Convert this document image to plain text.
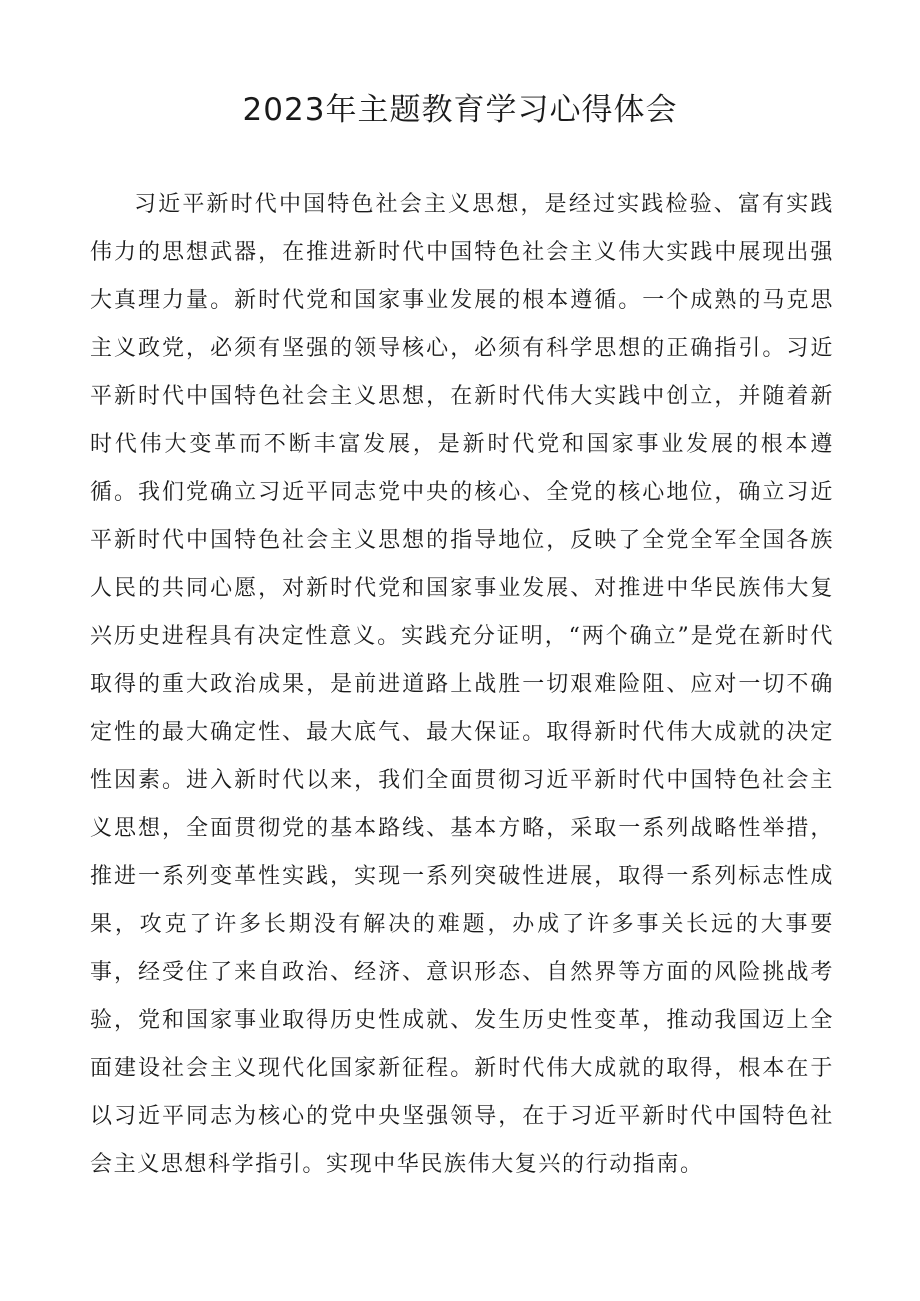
2023年主题教育学习心得体会

习近平新时代中国特色社会主义思想，是经过实践检验、富有实践伟力的思想武器，在推进新时代中国特色社会主义伟大实践中展现出强大真理力量。新时代党和国家事业发展的根本遵循。一个成熟的马克思主义政党，必须有坚强的领导核心，必须有科学思想的正确指引。习近平新时代中国特色社会主义思想，在新时代伟大实践中创立，并随着新时代伟大变革而不断丰富发展，是新时代党和国家事业发展的根本遵循。我们党确立习近平同志党中央的核心、全党的核心地位，确立习近平新时代中国特色社会主义思想的指导地位，反映了全党全军全国各族人民的共同心愿，对新时代党和国家事业发展、对推进中华民族伟大复兴历史进程具有决定性意义。实践充分证明，“两个确立”是党在新时代取得的重大政治成果，是前进道路上战胜一切艰难险阻、应对一切不确定性的最大确定性、最大底气、最大保证。取得新时代伟大成就的决定性因素。进入新时代以来，我们全面贯彻习近平新时代中国特色社会主义思想，全面贯彻党的基本路线、基本方略，采取一系列战略性举措，推进一系列变革性实践，实现一系列突破性进展，取得一系列标志性成果，攻克了许多长期没有解决的难题，办成了许多事关长远的大事要事，经受住了来自政治、经济、意识形态、自然界等方面的风险挑战考验，党和国家事业取得历史性成就、发生历史性变革，推动我国迈上全面建设社会主义现代化国家新征程。新时代伟大成就的取得，根本在于以习近平同志为核心的党中央坚强领导，在于习近平新时代中国特色社会主义思想科学指引。实现中华民族伟大复兴的行动指南。
